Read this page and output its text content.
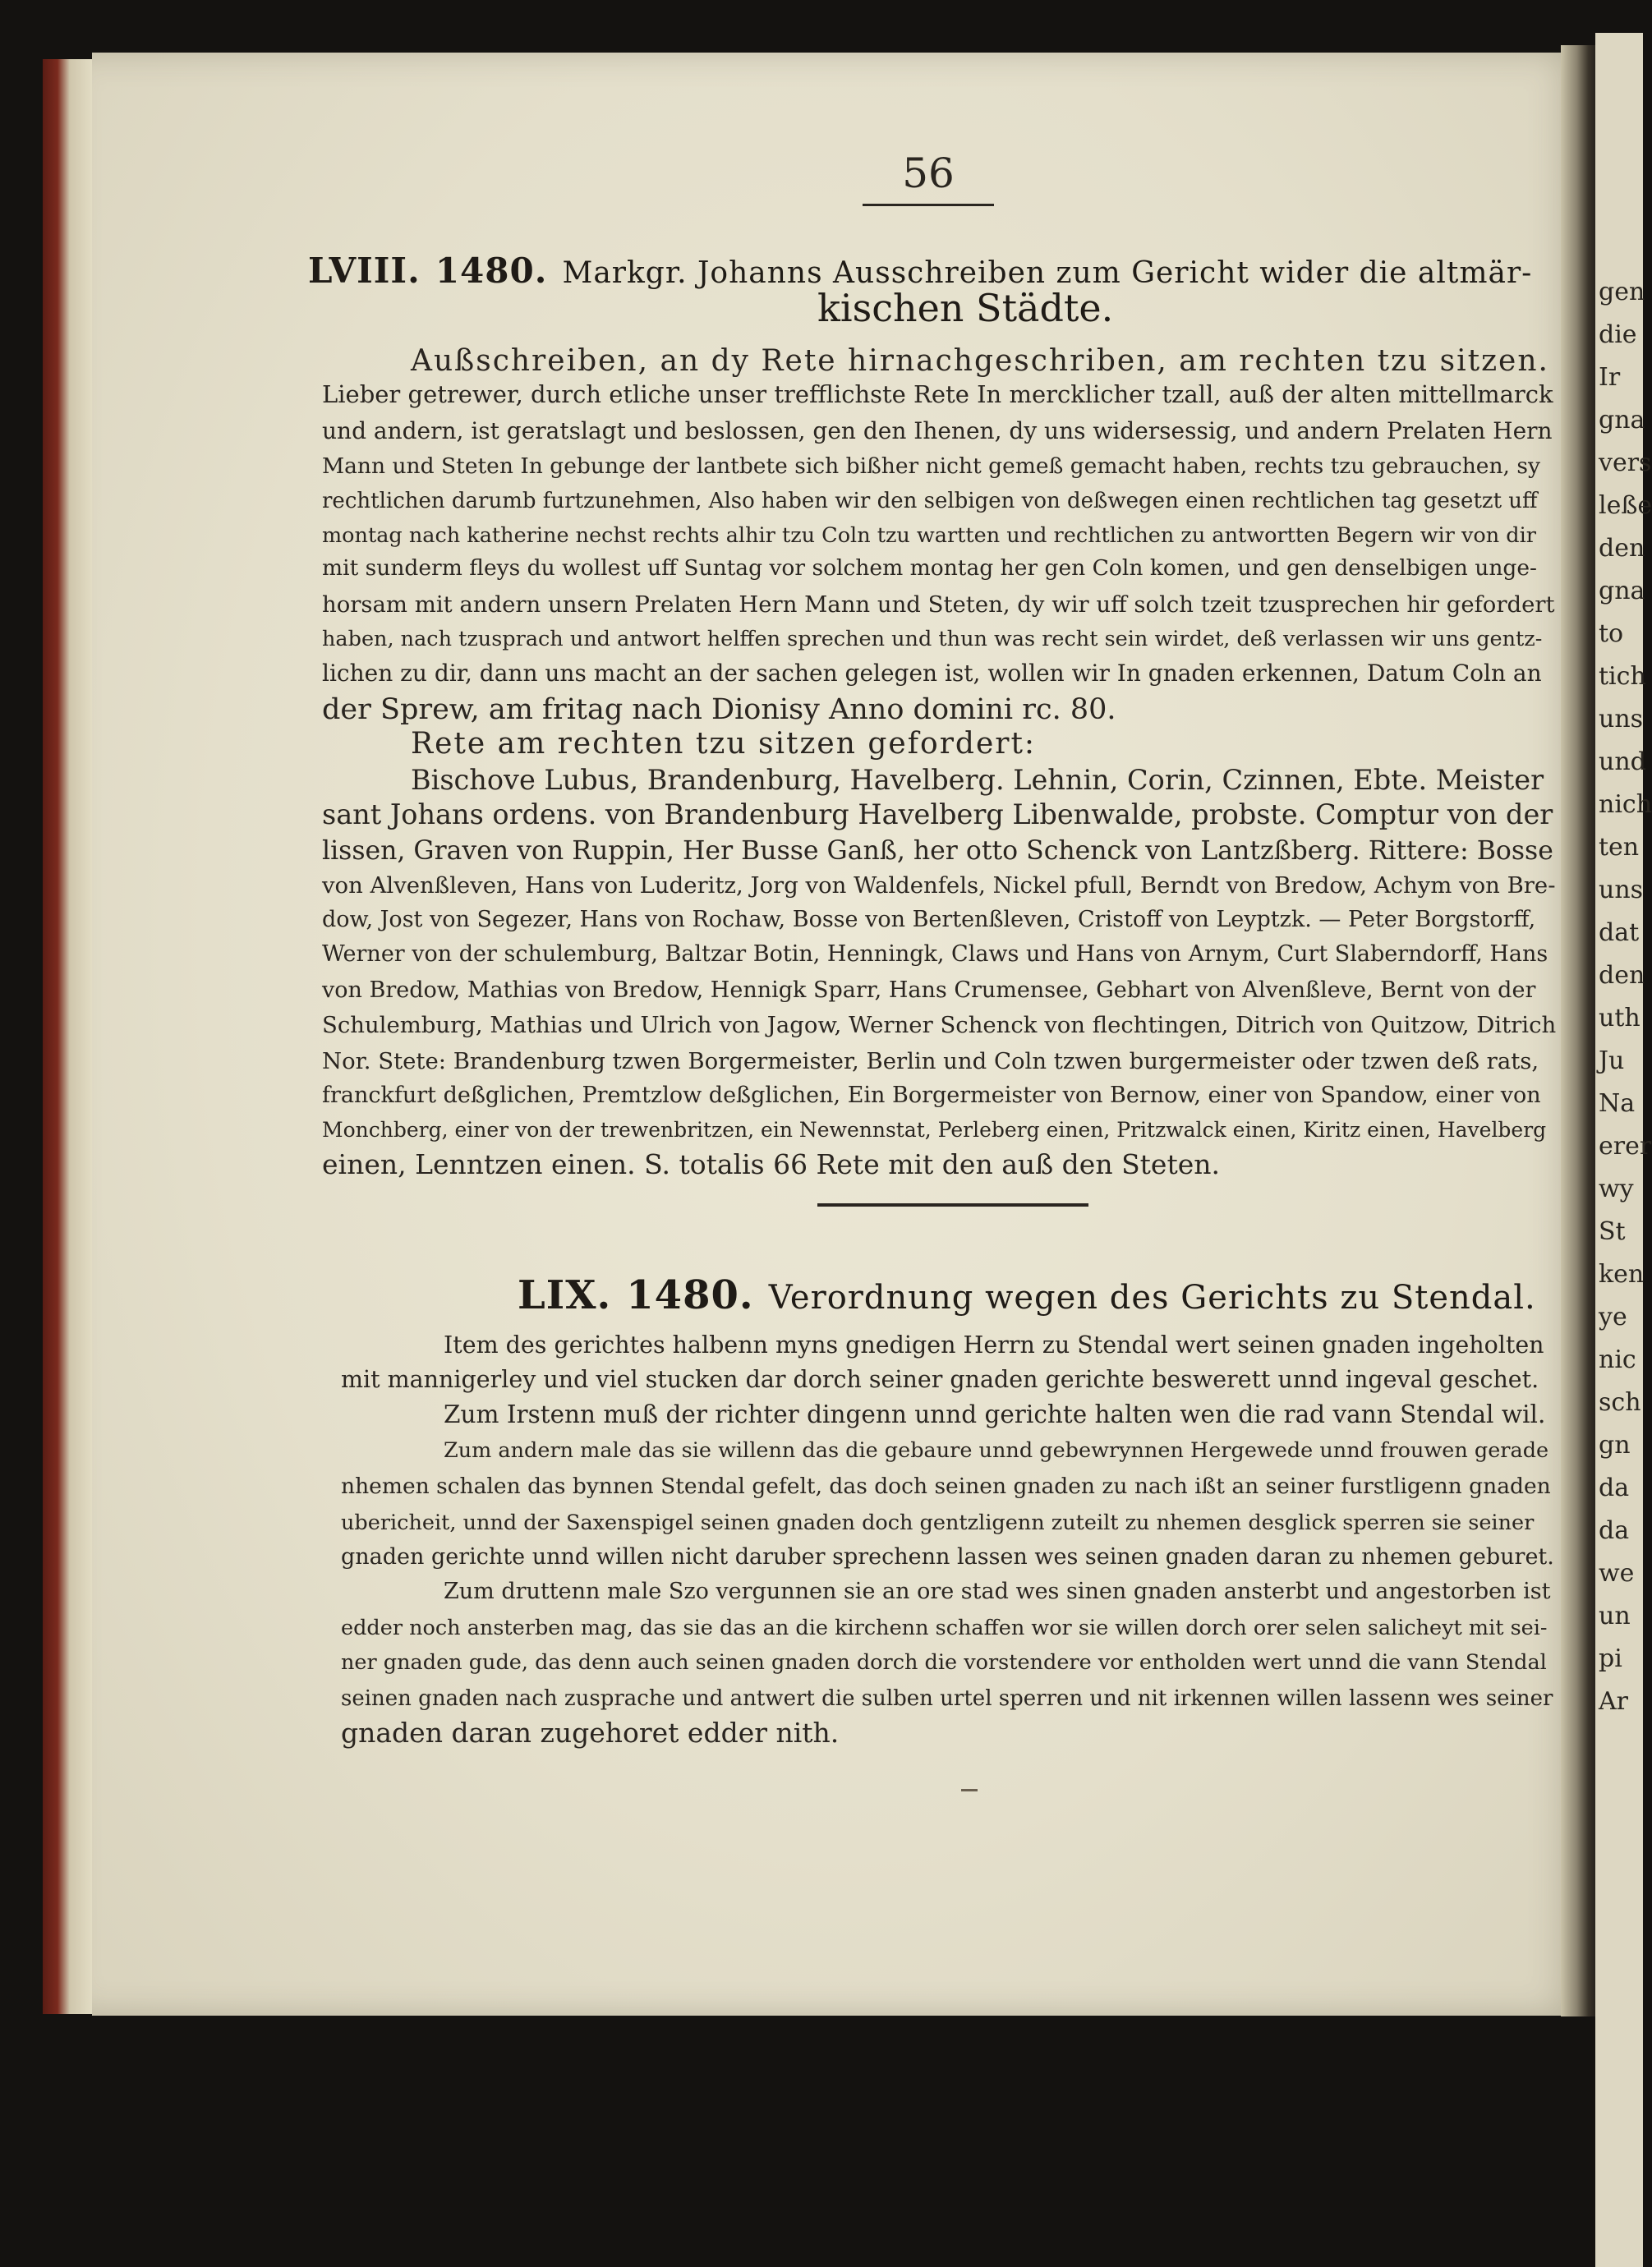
gen
die
Ir
gna
vers
leße
den
gna
to
tich
uns
und
nich
ten
uns
dat
den
uth
Ju
Na
erer
wy
St
ken
ye
nic
sch
gn
da
da
we
un
pi
Ar
56
LVIII. 1480. Markgr. Johanns Ausschreiben zum Gericht wider die altmär-
kischen Städte.
Außschreiben, an dy Rete hirnachgeschriben, am rechten tzu sitzen.
Lieber getrewer, durch etliche unser trefflichste Rete In mercklicher tzall, auß der alten mittellmarck
und andern, ist geratslagt und beslossen, gen den Ihenen, dy uns widersessig, und andern Prelaten Hern
Mann und Steten In gebunge der lantbete sich bißher nicht gemeß gemacht haben, rechts tzu gebrauchen, sy
rechtlichen darumb furtzunehmen, Also haben wir den selbigen von deßwegen einen rechtlichen tag gesetzt uff
montag nach katherine nechst rechts alhir tzu Coln tzu wartten und rechtlichen zu antwortten Begern wir von dir
mit sunderm fleys du wollest uff Suntag vor solchem montag her gen Coln komen, und gen denselbigen unge-
horsam mit andern unsern Prelaten Hern Mann und Steten, dy wir uff solch tzeit tzusprechen hir gefordert
haben, nach tzusprach und antwort helffen sprechen und thun was recht sein wirdet, deß verlassen wir uns gentz-
lichen zu dir, dann uns macht an der sachen gelegen ist, wollen wir In gnaden erkennen, Datum Coln an
der Sprew, am fritag nach Dionisy Anno domini rc. 80.
Rete am rechten tzu sitzen gefordert:
Bischove Lubus, Brandenburg, Havelberg. Lehnin, Corin, Czinnen, Ebte. Meister
sant Johans ordens. von Brandenburg Havelberg Libenwalde, probste. Comptur von der
lissen, Graven von Ruppin, Her Busse Ganß, her otto Schenck von Lantzßberg. Rittere: Bosse
von Alvenßleven, Hans von Luderitz, Jorg von Waldenfels, Nickel pfull, Berndt von Bredow, Achym von Bre-
dow, Jost von Segezer, Hans von Rochaw, Bosse von Bertenßleven, Cristoff von Leyptzk. — Peter Borgstorff,
Werner von der schulemburg, Baltzar Botin, Henningk, Claws und Hans von Arnym, Curt Slaberndorff, Hans
von Bredow, Mathias von Bredow, Hennigk Sparr, Hans Crumensee, Gebhart von Alvenßleve, Bernt von der
Schulemburg, Mathias und Ulrich von Jagow, Werner Schenck von flechtingen, Ditrich von Quitzow, Ditrich
Nor. Stete: Brandenburg tzwen Borgermeister, Berlin und Coln tzwen burgermeister oder tzwen deß rats,
franckfurt deßglichen, Premtzlow deßglichen, Ein Borgermeister von Bernow, einer von Spandow, einer von
Monchberg, einer von der trewenbritzen, ein Newennstat, Perleberg einen, Pritzwalck einen, Kiritz einen, Havelberg
einen, Lenntzen einen. S. totalis 66 Rete mit den auß den Steten.
LIX. 1480. Verordnung wegen des Gerichts zu Stendal.
Item des gerichtes halbenn myns gnedigen Herrn zu Stendal wert seinen gnaden ingeholten
mit mannigerley und viel stucken dar dorch seiner gnaden gerichte beswerett unnd ingeval geschet.
Zum Irstenn muß der richter dingenn unnd gerichte halten wen die rad vann Stendal wil.
Zum andern male das sie willenn das die gebaure unnd gebewrynnen Hergewede unnd frouwen gerade
nhemen schalen das bynnen Stendal gefelt, das doch seinen gnaden zu nach ißt an seiner furstligenn gnaden
ubericheit, unnd der Saxenspigel seinen gnaden doch gentzligenn zuteilt zu nhemen desglick sperren sie seiner
gnaden gerichte unnd willen nicht daruber sprechenn lassen wes seinen gnaden daran zu nhemen geburet.
Zum druttenn male Szo vergunnen sie an ore stad wes sinen gnaden ansterbt und angestorben ist
edder noch ansterben mag, das sie das an die kirchenn schaffen wor sie willen dorch orer selen salicheyt mit sei-
ner gnaden gude, das denn auch seinen gnaden dorch die vorstendere vor entholden wert unnd die vann Stendal
seinen gnaden nach zusprache und antwert die sulben urtel sperren und nit irkennen willen lassenn wes seiner
gnaden daran zugehoret edder nith.
